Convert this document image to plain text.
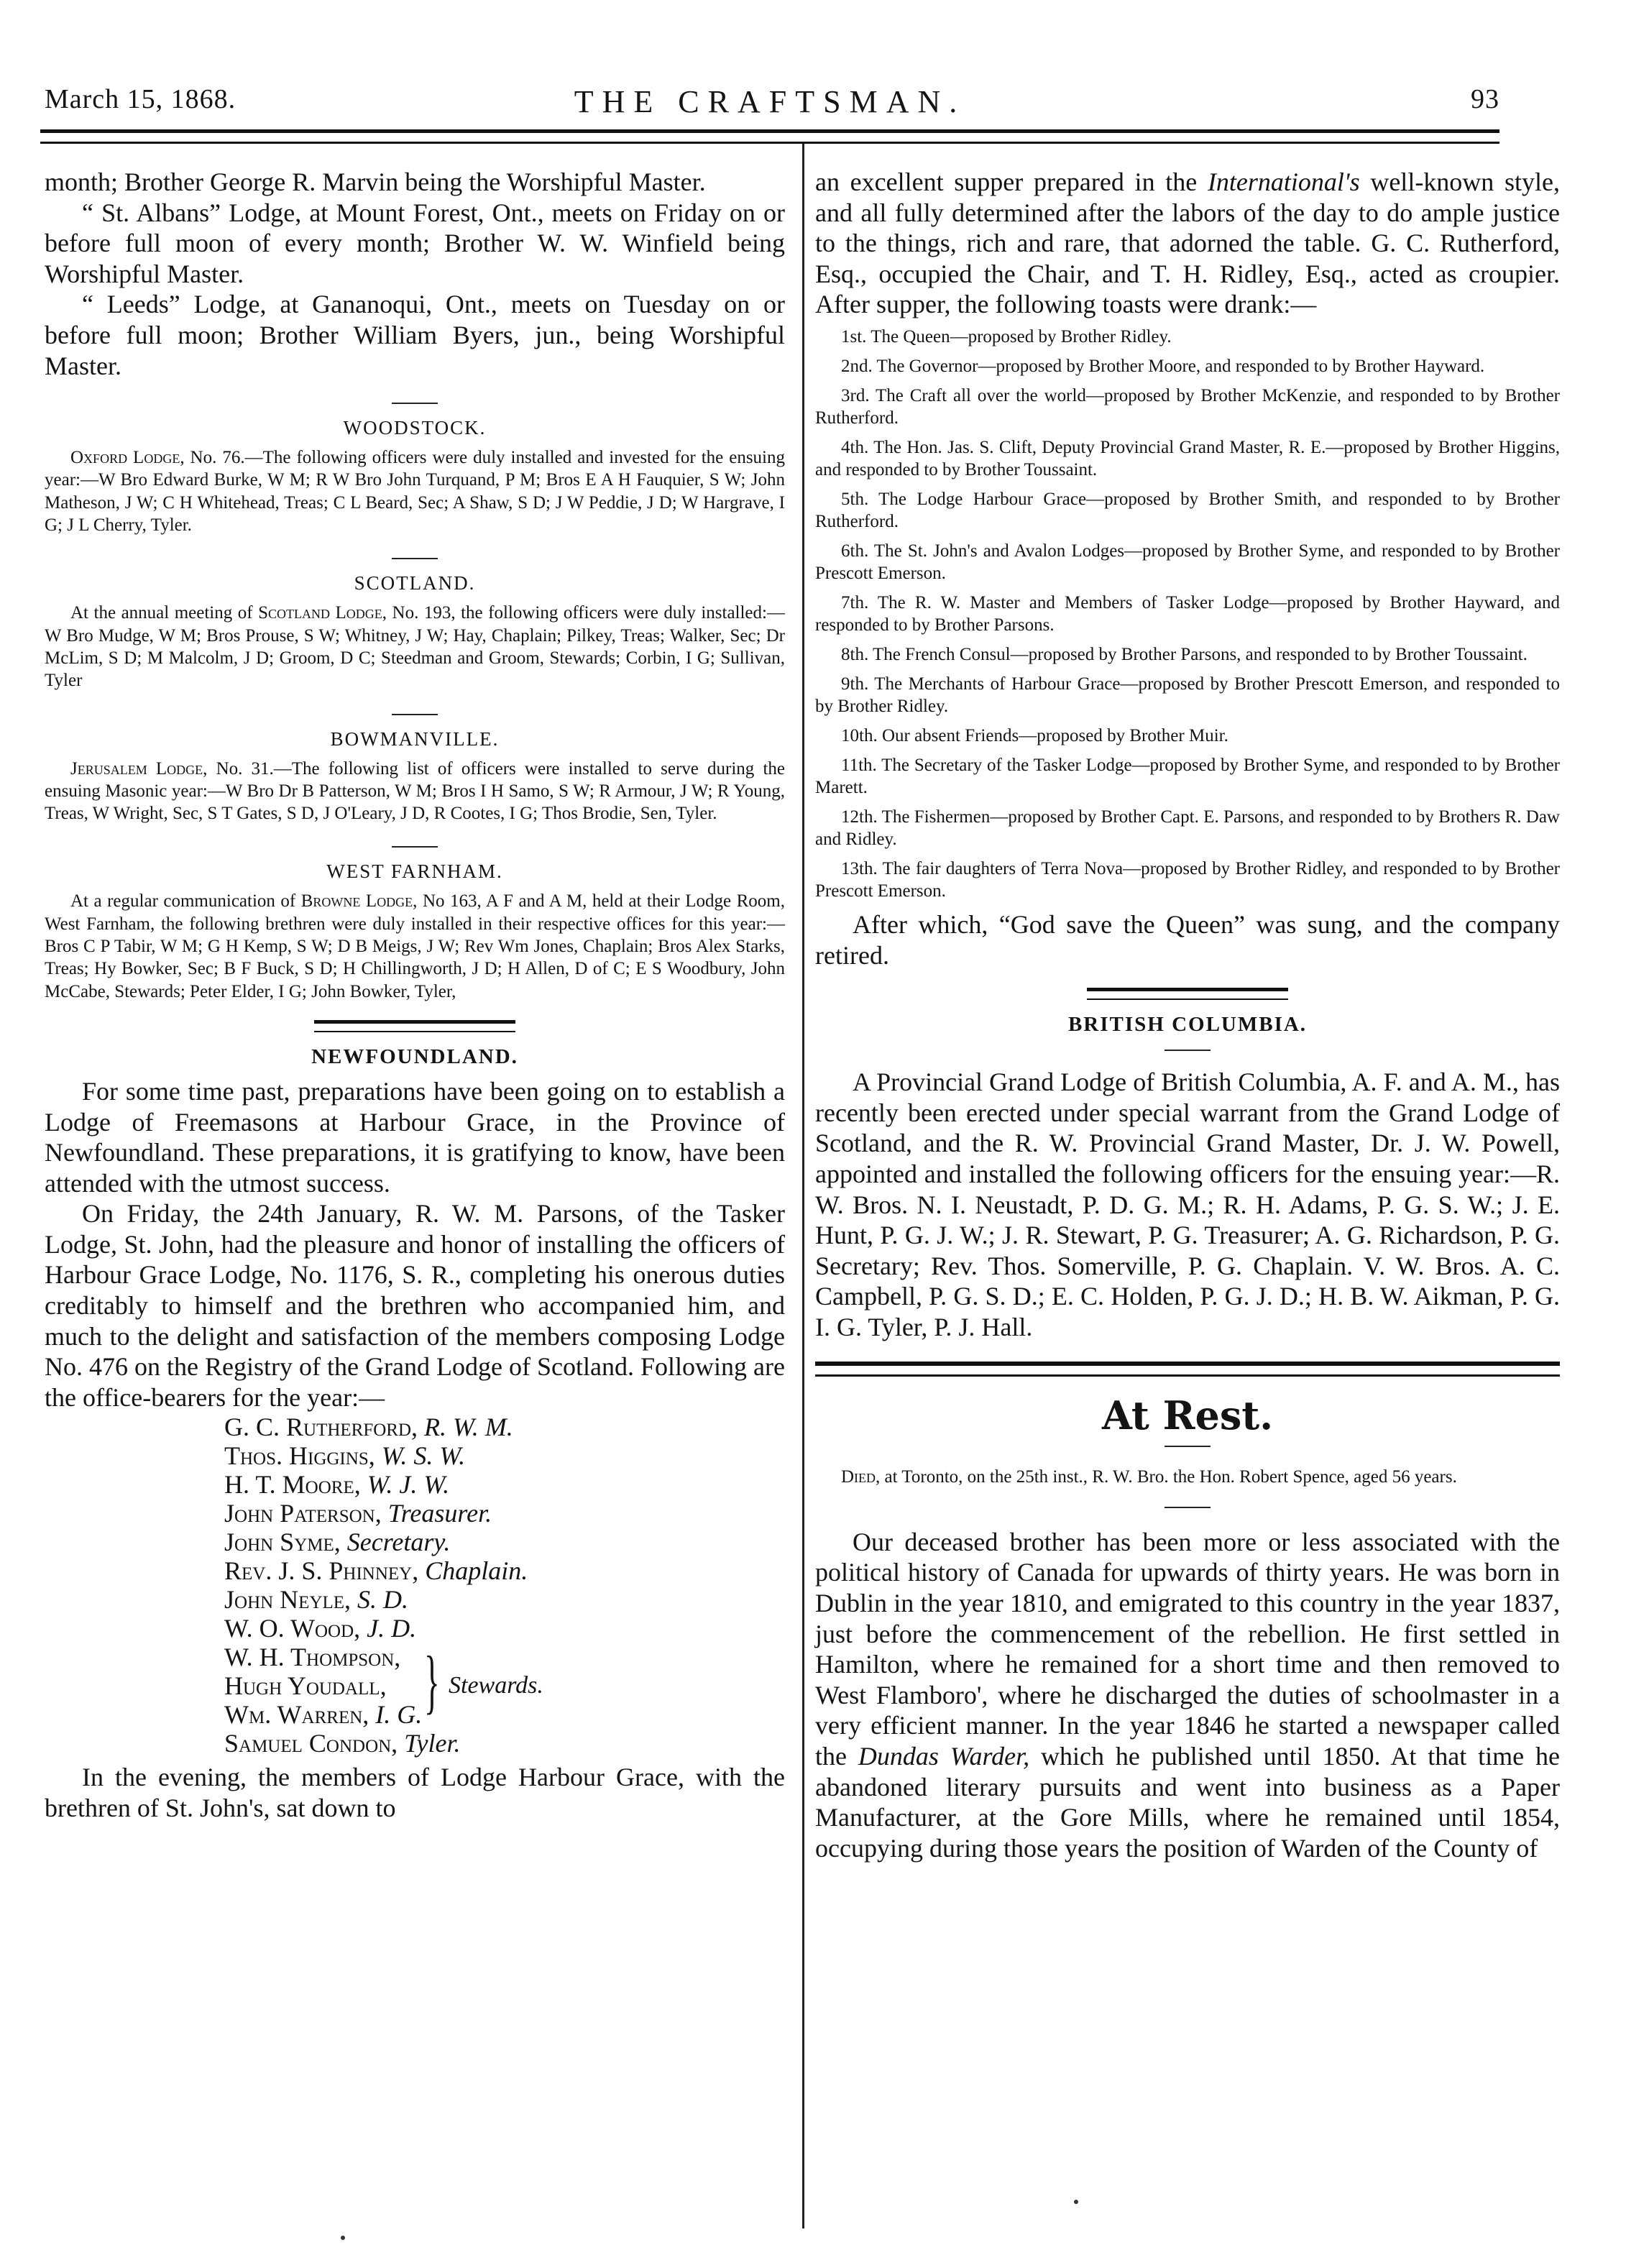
March 15, 1868.	THE CRAFTSMAN.	93

month; Brother George R. Marvin being the Worshipful Master.

“ St. Albans” Lodge, at Mount Forest, Ont., meets on Friday on or before full moon of every month; Brother W. W. Winfield being Worshipful Master.

“ Leeds” Lodge, at Gananoqui, Ont., meets on Tuesday on or before full moon; Brother William Byers, jun., being Worshipful Master.

WOODSTOCK.

Oxford Lodge, No. 76.—The following officers were duly installed and invested for the ensuing year:—W Bro Edward Burke, W M; R W Bro John Turquand, P M; Bros E A H Fauquier, S W; John Matheson, J W; C H Whitehead, Treas; C L Beard, Sec; A Shaw, S D; J W Peddie, J D; W Hargrave, I G; J L Cherry, Tyler.

SCOTLAND.

At the annual meeting of Scotland Lodge, No. 193, the following officers were duly installed:—W Bro Mudge, W M; Bros Prouse, S W; Whitney, J W; Hay, Chaplain; Pilkey, Treas; Walker, Sec; Dr McLim, S D; M Malcolm, J D; Groom, D C; Steedman and Groom, Stewards; Corbin, I G; Sullivan, Tyler

BOWMANVILLE.

Jerusalem Lodge, No. 31.—The following list of officers were installed to serve during the ensuing Masonic year:—W Bro Dr B Patterson, W M; Bros I H Samo, S W; R Armour, J W; R Young, Treas, W Wright, Sec, S T Gates, S D, J O'Leary, J D, R Cootes, I G; Thos Brodie, Sen, Tyler.

WEST FARNHAM.

At a regular communication of Browne Lodge, No 163, A F and A M, held at their Lodge Room, West Farnham, the following brethren were duly installed in their respective offices for this year:—Bros C P Tabir, W M; G H Kemp, S W; D B Meigs, J W; Rev Wm Jones, Chaplain; Bros Alex Starks, Treas; Hy Bowker, Sec; B F Buck, S D; H Chillingworth, J D; H Allen, D of C; E S Woodbury, John McCabe, Stewards; Peter Elder, I G; John Bowker, Tyler,

NEWFOUNDLAND.

For some time past, preparations have been going on to establish a Lodge of Freemasons at Harbour Grace, in the Province of Newfoundland. These preparations, it is gratifying to know, have been attended with the utmost success.

On Friday, the 24th January, R. W. M. Parsons, of the Tasker Lodge, St. John, had the pleasure and honor of installing the officers of Harbour Grace Lodge, No. 1176, S. R., completing his onerous duties creditably to himself and the brethren who accompanied him, and much to the delight and satisfaction of the members composing Lodge No. 476 on the Registry of the Grand Lodge of Scotland. Following are the office-bearers for the year:—

G. C. Rutherford, R. W. M.
Thos. Higgins, W. S. W.
H. T. Moore, W. J. W.
John Paterson, Treasurer.
John Syme, Secretary.
Rev. J. S. Phinney, Chaplain.
John Neyle, S. D.
W. O. Wood, J. D.
W. H. Thompson,
Hugh Youdall, } Stewards.
Wm. Warren, I. G.
Samuel Condon, Tyler.

In the evening, the members of Lodge Harbour Grace, with the brethren of St. John's, sat down to

an excellent supper prepared in the International's well-known style, and all fully determined after the labors of the day to do ample justice to the things, rich and rare, that adorned the table. G. C. Rutherford, Esq., occupied the Chair, and T. H. Ridley, Esq., acted as croupier. After supper, the following toasts were drank:—

1st. The Queen—proposed by Brother Ridley.

2nd. The Governor—proposed by Brother Moore, and responded to by Brother Hayward.

3rd. The Craft all over the world—proposed by Brother McKenzie, and responded to by Brother Rutherford.

4th. The Hon. Jas. S. Clift, Deputy Provincial Grand Master, R. E.—proposed by Brother Higgins, and responded to by Brother Toussaint.

5th. The Lodge Harbour Grace—proposed by Brother Smith, and responded to by Brother Rutherford.

6th. The St. John's and Avalon Lodges—proposed by Brother Syme, and responded to by Brother Prescott Emerson.

7th. The R. W. Master and Members of Tasker Lodge—proposed by Brother Hayward, and responded to by Brother Parsons.

8th. The French Consul—proposed by Brother Parsons, and responded to by Brother Toussaint.

9th. The Merchants of Harbour Grace—proposed by Brother Prescott Emerson, and responded to by Brother Ridley.

10th. Our absent Friends—proposed by Brother Muir.

11th. The Secretary of the Tasker Lodge—proposed by Brother Syme, and responded to by Brother Marett.

12th. The Fishermen—proposed by Brother Capt. E. Parsons, and responded to by Brothers R. Daw and Ridley.

13th. The fair daughters of Terra Nova—proposed by Brother Ridley, and responded to by Brother Prescott Emerson.

After which, “God save the Queen” was sung, and the company retired.

BRITISH COLUMBIA.

A Provincial Grand Lodge of British Columbia, A. F. and A. M., has recently been erected under special warrant from the Grand Lodge of Scotland, and the R. W. Provincial Grand Master, Dr. J. W. Powell, appointed and installed the following officers for the ensuing year:—R. W. Bros. N. I. Neustadt, P. D. G. M.; R. H. Adams, P. G. S. W.; J. E. Hunt, P. G. J. W.; J. R. Stewart, P. G. Treasurer; A. G. Richardson, P. G. Secretary; Rev. Thos. Somerville, P. G. Chaplain. V. W. Bros. A. C. Campbell, P. G. S. D.; E. C. Holden, P. G. J. D.; H. B. W. Aikman, P. G. I. G. Tyler, P. J. Hall.

At Rest.

Died, at Toronto, on the 25th inst., R. W. Bro. the Hon. Robert Spence, aged 56 years.

Our deceased brother has been more or less associated with the political history of Canada for upwards of thirty years. He was born in Dublin in the year 1810, and emigrated to this country in the year 1837, just before the commencement of the rebellion. He first settled in Hamilton, where he remained for a short time and then removed to West Flamboro', where he discharged the duties of schoolmaster in a very efficient manner. In the year 1846 he started a newspaper called the Dundas Warder, which he published until 1850. At that time he abandoned literary pursuits and went into business as a Paper Manufacturer, at the Gore Mills, where he remained until 1854, occupying during those years the position of Warden of the County of
